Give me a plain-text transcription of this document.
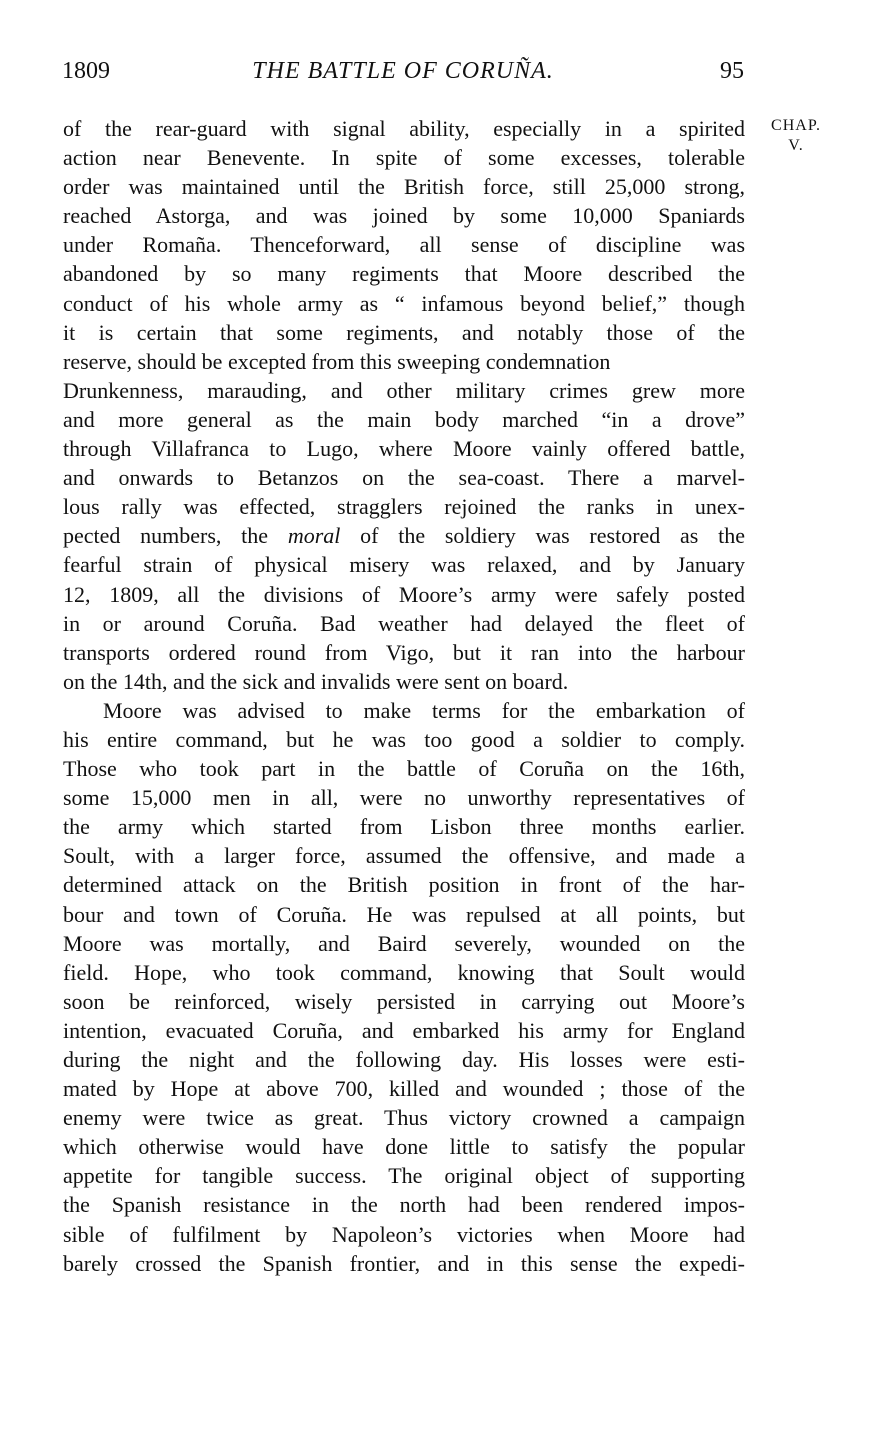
1809	THE BATTLE OF CORUÑA.	95
CHAP.
V.
of the rear-guard with signal ability, especially in a spirited
action near Benevente. In spite of some excesses, tolerable
order was maintained until the British force, still 25,000 strong,
reached Astorga, and was joined by some 10,000 Spaniards
under Romaña. Thenceforward, all sense of discipline was
abandoned by so many regiments that Moore described the
conduct of his whole army as “ infamous beyond belief,” though
it is certain that some regiments, and notably those of the
reserve, should be excepted from this sweeping condemnation
Drunkenness, marauding, and other military crimes grew more
and more general as the main body marched “in a drove”
through Villafranca to Lugo, where Moore vainly offered battle,
and onwards to Betanzos on the sea-coast. There a marvel-
lous rally was effected, stragglers rejoined the ranks in unex-
pected numbers, the moral of the soldiery was restored as the
fearful strain of physical misery was relaxed, and by January
12, 1809, all the divisions of Moore’s army were safely posted
in or around Coruña. Bad weather had delayed the fleet of
transports ordered round from Vigo, but it ran into the harbour
on the 14th, and the sick and invalids were sent on board.
Moore was advised to make terms for the embarkation of
his entire command, but he was too good a soldier to comply.
Those who took part in the battle of Coruña on the 16th,
some 15,000 men in all, were no unworthy representatives of
the army which started from Lisbon three months earlier.
Soult, with a larger force, assumed the offensive, and made a
determined attack on the British position in front of the har-
bour and town of Coruña. He was repulsed at all points, but
Moore was mortally, and Baird severely, wounded on the
field. Hope, who took command, knowing that Soult would
soon be reinforced, wisely persisted in carrying out Moore’s
intention, evacuated Coruña, and embarked his army for England
during the night and the following day. His losses were esti-
mated by Hope at above 700, killed and wounded ; those of the
enemy were twice as great. Thus victory crowned a campaign
which otherwise would have done little to satisfy the popular
appetite for tangible success. The original object of supporting
the Spanish resistance in the north had been rendered impos-
sible of fulfilment by Napoleon’s victories when Moore had
barely crossed the Spanish frontier, and in this sense the expedi-
